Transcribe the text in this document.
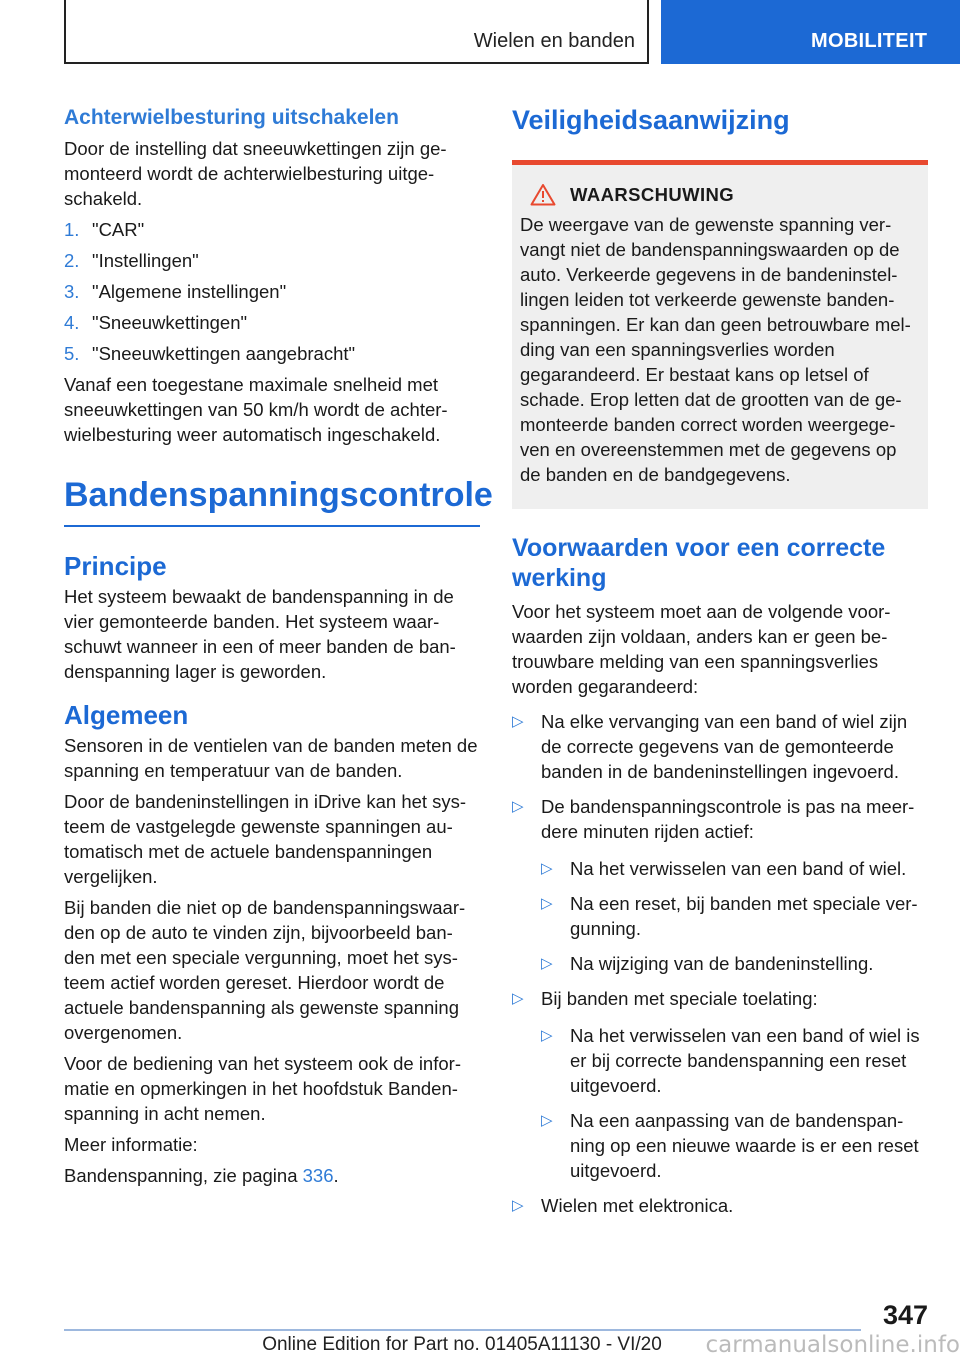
Wielen en banden	MOBILITEIT
Achterwielbesturing uitschakelen

Door de instelling dat sneeuwkettingen zijn ge-monteerd wordt de achterwielbesturing uitge-schakeld.

1. "CAR"
2. "Instellingen"
3. "Algemene instellingen"
4. "Sneeuwkettingen"
5. "Sneeuwkettingen aangebracht"

Vanaf een toegestane maximale snelheid met sneeuwkettingen van 50 km/h wordt de achter-wielbesturing weer automatisch ingeschakeld.

Bandenspanningscontrole
Principe

Het systeem bewaakt de bandenspanning in de vier gemonteerde banden. Het systeem waar-schuwt wanneer in een of meer banden de ban-denspanning lager is geworden.

Algemeen

Sensoren in de ventielen van de banden meten de spanning en temperatuur van de banden.

Door de bandeninstellingen in iDrive kan het sys-teem de vastgelegde gewenste spanningen au-tomatisch met de actuele bandenspanningen vergelijken.

Bij banden die niet op de bandenspanningswaar-den op de auto te vinden zijn, bijvoorbeeld ban-den met een speciale vergunning, moet het sys-teem actief worden gereset. Hierdoor wordt de actuele bandenspanning als gewenste spanning overgenomen.

Voor de bediening van het systeem ook de infor-matie en opmerkingen in het hoofdstuk Banden-spanning in acht nemen.

Meer informatie:

Bandenspanning, zie pagina 336.

Veiligheidsaanwijzing
WAARSCHUWING

De weergave van de gewenste spanning ver-vangt niet de bandenspanningswaarden op de auto. Verkeerde gegevens in de bandeninstel-lingen leiden tot verkeerde gewenste banden-spanningen. Er kan dan geen betrouwbare mel-ding van een spanningsverlies worden gegarandeerd. Er bestaat kans op letsel of schade. Erop letten dat de grootten van de ge-monteerde banden correct worden weergege-ven en overeenstemmen met de gegevens op de banden en de bandgegevens.

Voorwaarden voor een correcte werking

Voor het systeem moet aan de volgende voor-waarden zijn voldaan, anders kan er geen be-trouwbare melding van een spanningsverlies worden gegarandeerd:

▷ Na elke vervanging van een band of wiel zijn de correcte gegevens van de gemonteerde banden in de bandeninstellingen ingevoerd.
▷ De bandenspanningscontrole is pas na meer-dere minuten rijden actief:
▷ Na het verwisselen van een band of wiel.
▷ Na een reset, bij banden met speciale ver-gunning.
▷ Na wijziging van de bandeninstelling.
▷ Bij banden met speciale toelating:
▷ Na het verwisselen van een band of wiel is er bij correcte bandenspanning een reset uitgevoerd.
▷ Na een aanpassing van de bandenspan-ning op een nieuwe waarde is er een reset uitgevoerd.
▷ Wielen met elektronica.
347
Online Edition for Part no. 01405A11130 - VI/20	carmanualsonline.info
